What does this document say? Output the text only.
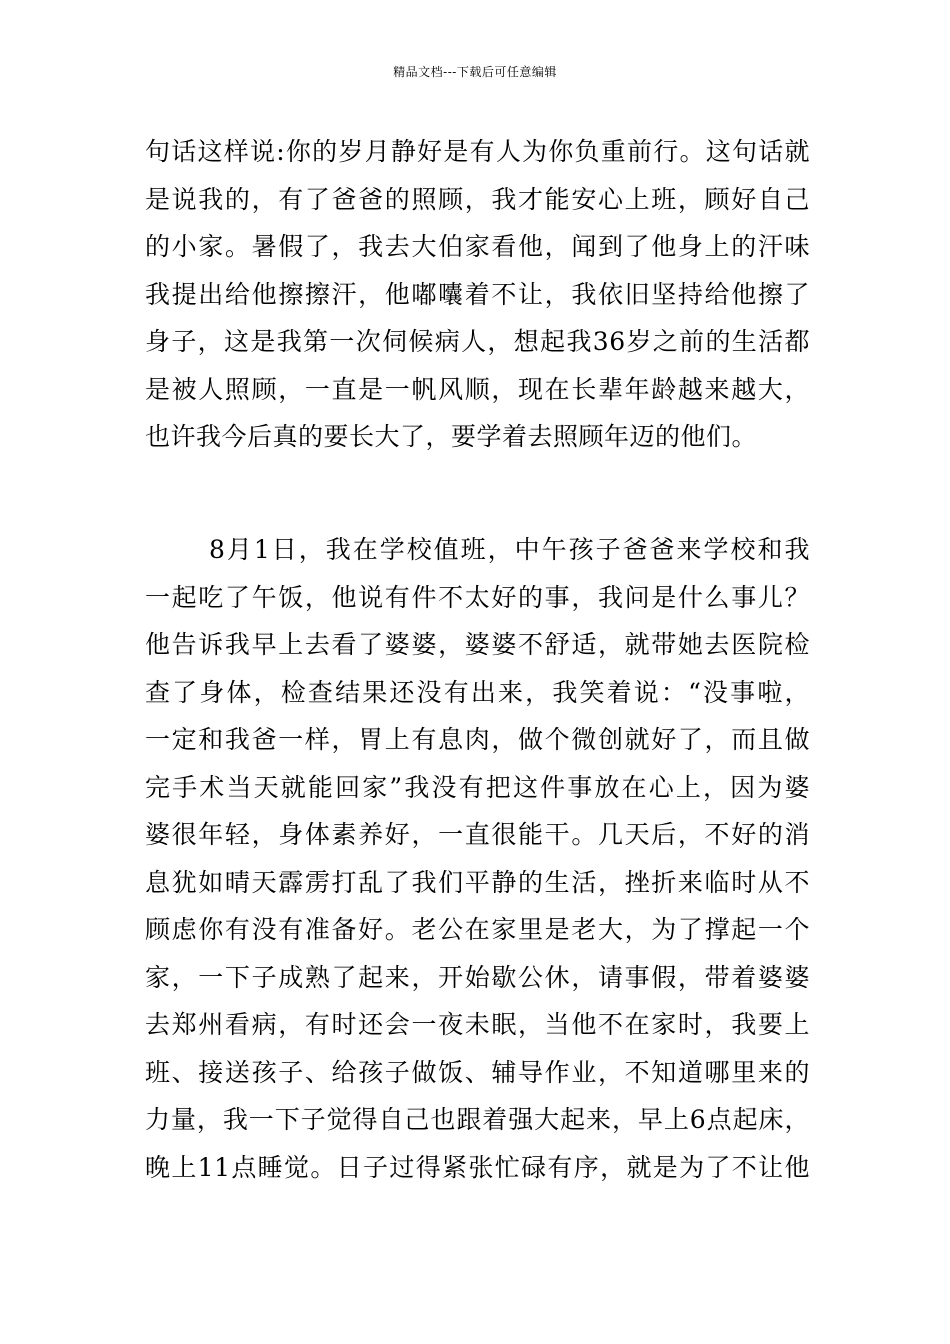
精品文档---下载后可任意编辑
句话这样说:你的岁月静好是有人为你负重前行。这句话就
是说我的，有了爸爸的照顾，我才能安心上班，顾好自己
的小家。暑假了，我去大伯家看他，闻到了他身上的汗味
我提出给他擦擦汗，他嘟囔着不让，我依旧坚持给他擦了
身子，这是我第一次伺候病人，想起我36岁之前的生活都
是被人照顾，一直是一帆风顺，现在长辈年龄越来越大，
也许我今后真的要长大了，要学着去照顾年迈的他们。
8月1日，我在学校值班，中午孩子爸爸来学校和我
一起吃了午饭，他说有件不太好的事，我问是什么事儿？
他告诉我早上去看了婆婆，婆婆不舒适，就带她去医院检
查了身体，检查结果还没有出来，我笑着说：“没事啦，
一定和我爸一样，胃上有息肉，做个微创就好了，而且做
完手术当天就能回家”我没有把这件事放在心上，因为婆
婆很年轻，身体素养好，一直很能干。几天后，不好的消
息犹如晴天霹雳打乱了我们平静的生活，挫折来临时从不
顾虑你有没有准备好。老公在家里是老大，为了撑起一个
家，一下子成熟了起来，开始歇公休，请事假，带着婆婆
去郑州看病，有时还会一夜未眠，当他不在家时，我要上
班、接送孩子、给孩子做饭、辅导作业，不知道哪里来的
力量，我一下子觉得自己也跟着强大起来，早上6点起床，
晚上11点睡觉。日子过得紧张忙碌有序，就是为了不让他
